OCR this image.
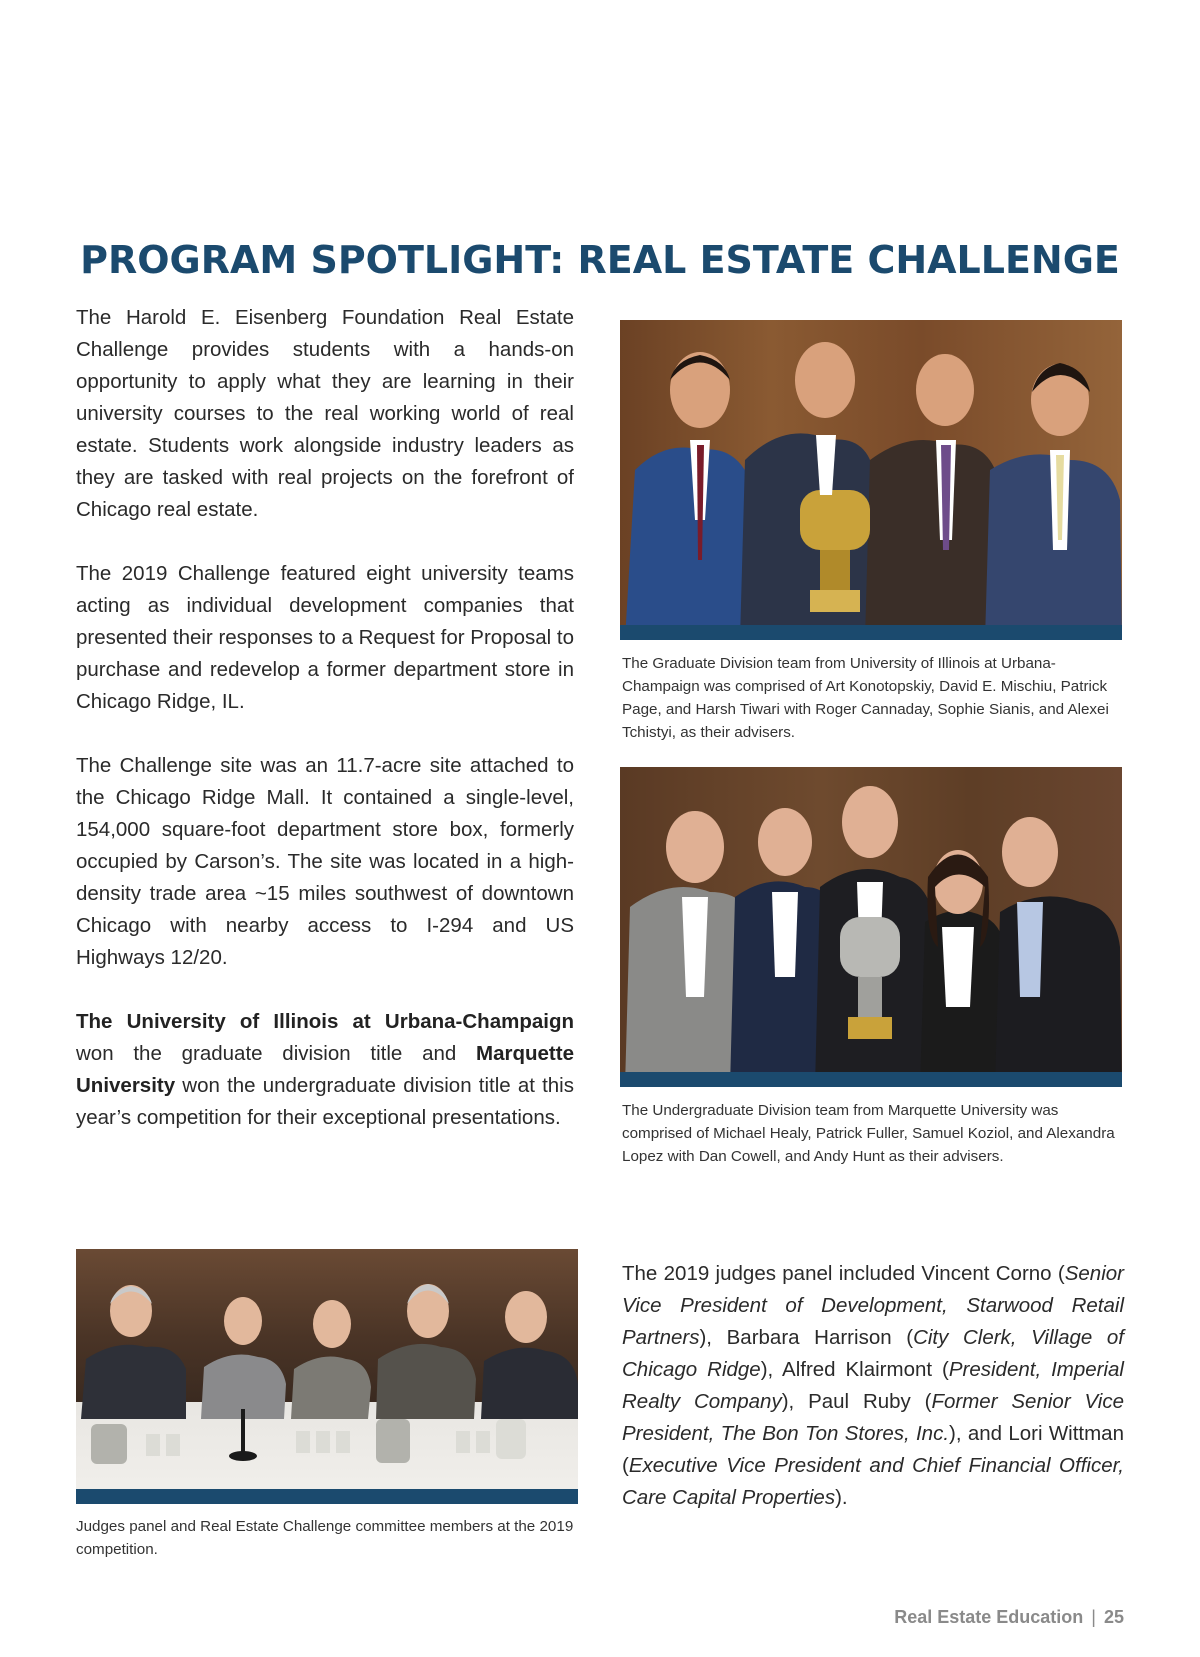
PROGRAM SPOTLIGHT: REAL ESTATE CHALLENGE

The Harold E. Eisenberg Foundation Real Estate Challenge provides students with a hands-on opportunity to apply what they are learning in their university courses to the real working world of real estate. Students work alongside industry leaders as they are tasked with real projects on the forefront of Chicago real estate.

The 2019 Challenge featured eight university teams acting as individual development companies that presented their responses to a Request for Proposal to purchase and redevelop a former department store in Chicago Ridge, IL.

The Challenge site was an 11.7-acre site attached to the Chicago Ridge Mall. It contained a single-level, 154,000 square-foot department store box, formerly occupied by Carson’s. The site was located in a high-density trade area ~15 miles southwest of downtown Chicago with nearby access to I-294 and US Highways 12/20.

The University of Illinois at Urbana-Champaign won the graduate division title and Marquette University won the undergraduate division title at this year’s competition for their exceptional presentations.

The Graduate Division team from University of Illinois at Urbana-Champaign was comprised of Art Konotopskiy, David E. Mischiu, Patrick Page, and Harsh Tiwari with Roger Cannaday, Sophie Sianis, and Alexei Tchistyi, as their advisers.

The Undergraduate Division team from Marquette University was comprised of Michael Healy, Patrick Fuller, Samuel Koziol, and Alexandra Lopez with Dan Cowell, and Andy Hunt as their advisers.

Judges panel and Real Estate Challenge committee members at the 2019 competition.

The 2019 judges panel included Vincent Corno (Senior Vice President of Development, Starwood Retail Partners), Barbara Harrison (City Clerk, Village of Chicago Ridge), Alfred Klairmont (President, Imperial Realty Company), Paul Ruby (Former Senior Vice President, The Bon Ton Stores, Inc.), and Lori Wittman (Executive Vice President and Chief Financial Officer, Care Capital Properties).

Real Estate Education | 25
